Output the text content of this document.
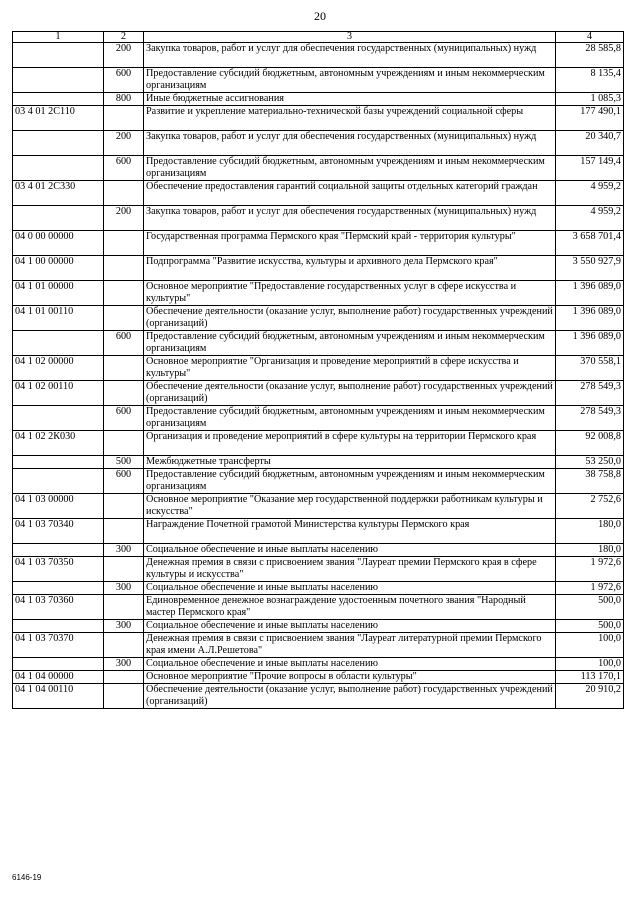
20
1	2	3	4
	200	Закупка товаров, работ и услуг для обеспечения государственных (муниципальных) нужд	28 585,8
	600	Предоставление субсидий бюджетным, автономным учреждениям и иным некоммерческим организациям	8 135,4
	800	Иные бюджетные ассигнования	1 085,3
03 4 01 2С110		Развитие и укрепление материально-технической базы учреждений социальной сферы	177 490,1
	200	Закупка товаров, работ и услуг для обеспечения государственных (муниципальных) нужд	20 340,7
	600	Предоставление субсидий бюджетным, автономным учреждениям и иным некоммерческим организациям	157 149,4
03 4 01 2С330		Обеспечение предоставления гарантий социальной защиты отдельных категорий граждан	4 959,2
	200	Закупка товаров, работ и услуг для обеспечения государственных (муниципальных) нужд	4 959,2
04 0 00 00000		Государственная программа Пермского края "Пермский край - территория культуры"	3 658 701,4
04 1 00 00000		Подпрограмма "Развитие искусства, культуры и архивного дела Пермского края"	3 550 927,9
04 1 01 00000		Основное мероприятие "Предоставление государственных услуг в сфере искусства и культуры"	1 396 089,0
04 1 01 00110		Обеспечение деятельности (оказание услуг, выполнение работ) государственных учреждений (организаций)	1 396 089,0
	600	Предоставление субсидий бюджетным, автономным учреждениям и иным некоммерческим организациям	1 396 089,0
04 1 02 00000		Основное мероприятие "Организация и проведение мероприятий в сфере искусства и культуры"	370 558,1
04 1 02 00110		Обеспечение деятельности (оказание услуг, выполнение работ) государственных учреждений (организаций)	278 549,3
	600	Предоставление субсидий бюджетным, автономным учреждениям и иным некоммерческим организациям	278 549,3
04 1 02 2К030		Организация и проведение мероприятий в сфере культуры на территории Пермского края	92 008,8
	500	Межбюджетные трансферты	53 250,0
	600	Предоставление субсидий бюджетным, автономным учреждениям и иным некоммерческим организациям	38 758,8
04 1 03 00000		Основное мероприятие "Оказание мер государственной поддержки работникам культуры и искусства"	2 752,6
04 1 03 70340		Награждение Почетной грамотой Министерства культуры Пермского края	180,0
	300	Социальное обеспечение и иные выплаты населению	180,0
04 1 03 70350		Денежная премия в связи с присвоением звания "Лауреат премии Пермского края в сфере культуры и искусства"	1 972,6
	300	Социальное обеспечение и иные выплаты населению	1 972,6
04 1 03 70360		Единовременное денежное вознаграждение удостоенным почетного звания "Народный мастер Пермского края"	500,0
	300	Социальное обеспечение и иные выплаты населению	500,0
04 1 03 70370		Денежная премия в связи с присвоением звания "Лауреат литературной премии Пермского края имени А.Л.Решетова"	100,0
	300	Социальное обеспечение и иные выплаты населению	100,0
04 1 04 00000		Основное мероприятие "Прочие вопросы в области культуры"	113 170,1
04 1 04 00110		Обеспечение деятельности (оказание услуг, выполнение работ) государственных учреждений (организаций)	20 910,2
6146-19
